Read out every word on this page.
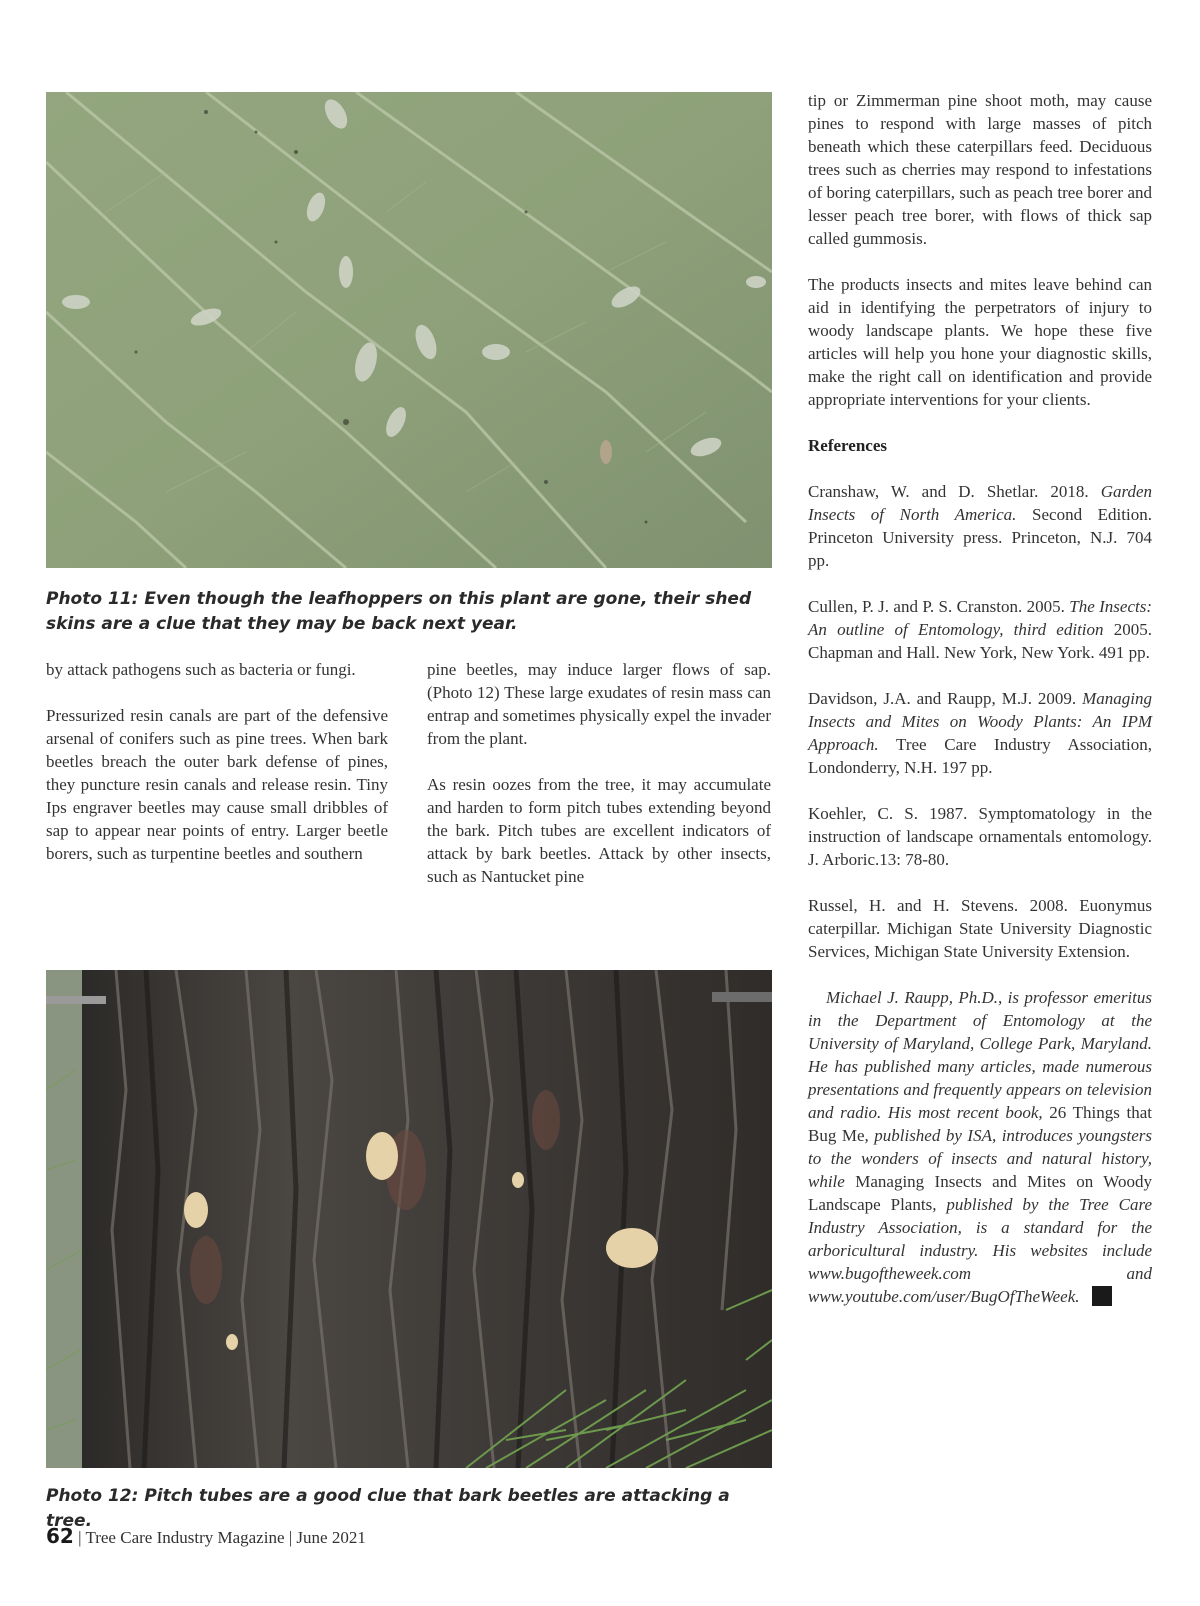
Photo 11: Even though the leafhoppers on this plant are gone, their shed skins are a clue that they may be back next year.

by attack pathogens such as bacteria or fungi.

Pressurized resin canals are part of the defensive arsenal of conifers such as pine trees. When bark beetles breach the outer bark defense of pines, they puncture resin canals and release resin. Tiny Ips engraver beetles may cause small dribbles of sap to appear near points of entry. Larger beetle borers, such as turpentine beetles and southern

pine beetles, may induce larger flows of sap. (Photo 12) These large exudates of resin mass can entrap and sometimes physically expel the invader from the plant.

As resin oozes from the tree, it may accumulate and harden to form pitch tubes extending beyond the bark. Pitch tubes are excellent indicators of attack by bark beetles. Attack by other insects, such as Nantucket pine

Photo 12: Pitch tubes are a good clue that bark beetles are attacking a tree.

tip or Zimmerman pine shoot moth, may cause pines to respond with large masses of pitch beneath which these caterpillars feed. Deciduous trees such as cherries may respond to infestations of boring caterpillars, such as peach tree borer and lesser peach tree borer, with flows of thick sap called gummosis.

The products insects and mites leave behind can aid in identifying the perpetrators of injury to woody landscape plants. We hope these five articles will help you hone your diagnostic skills, make the right call on identification and provide appropriate interventions for your clients.

References

Cranshaw, W. and D. Shetlar. 2018. Garden Insects of North America. Second Edition. Princeton University press. Princeton, N.J. 704 pp.

Cullen, P. J. and P. S. Cranston. 2005. The Insects: An outline of Entomology, third edition 2005. Chapman and Hall. New York, New York. 491 pp.

Davidson, J.A. and Raupp, M.J. 2009. Managing Insects and Mites on Woody Plants: An IPM Approach. Tree Care Industry Association, Londonderry, N.H. 197 pp.

Koehler, C. S. 1987. Symptomatology in the instruction of landscape ornamentals entomology. J. Arboric.13: 78-80.

Russel, H. and H. Stevens. 2008. Euonymus caterpillar. Michigan State University Diagnostic Services, Michigan State University Extension.

Michael J. Raupp, Ph.D., is professor emeritus in the Department of Entomology at the University of Maryland, College Park, Maryland. He has published many articles, made numerous presentations and frequently appears on television and radio. His most recent book, 26 Things that Bug Me, published by ISA, introduces youngsters to the wonders of insects and natural history, while Managing Insects and Mites on Woody Landscape Plants, published by the Tree Care Industry Association, is a standard for the arboricultural industry. His websites include www.bugoftheweek.com and www.youtube.com/user/BugOfTheWeek.

62 | Tree Care Industry Magazine | June 2021
